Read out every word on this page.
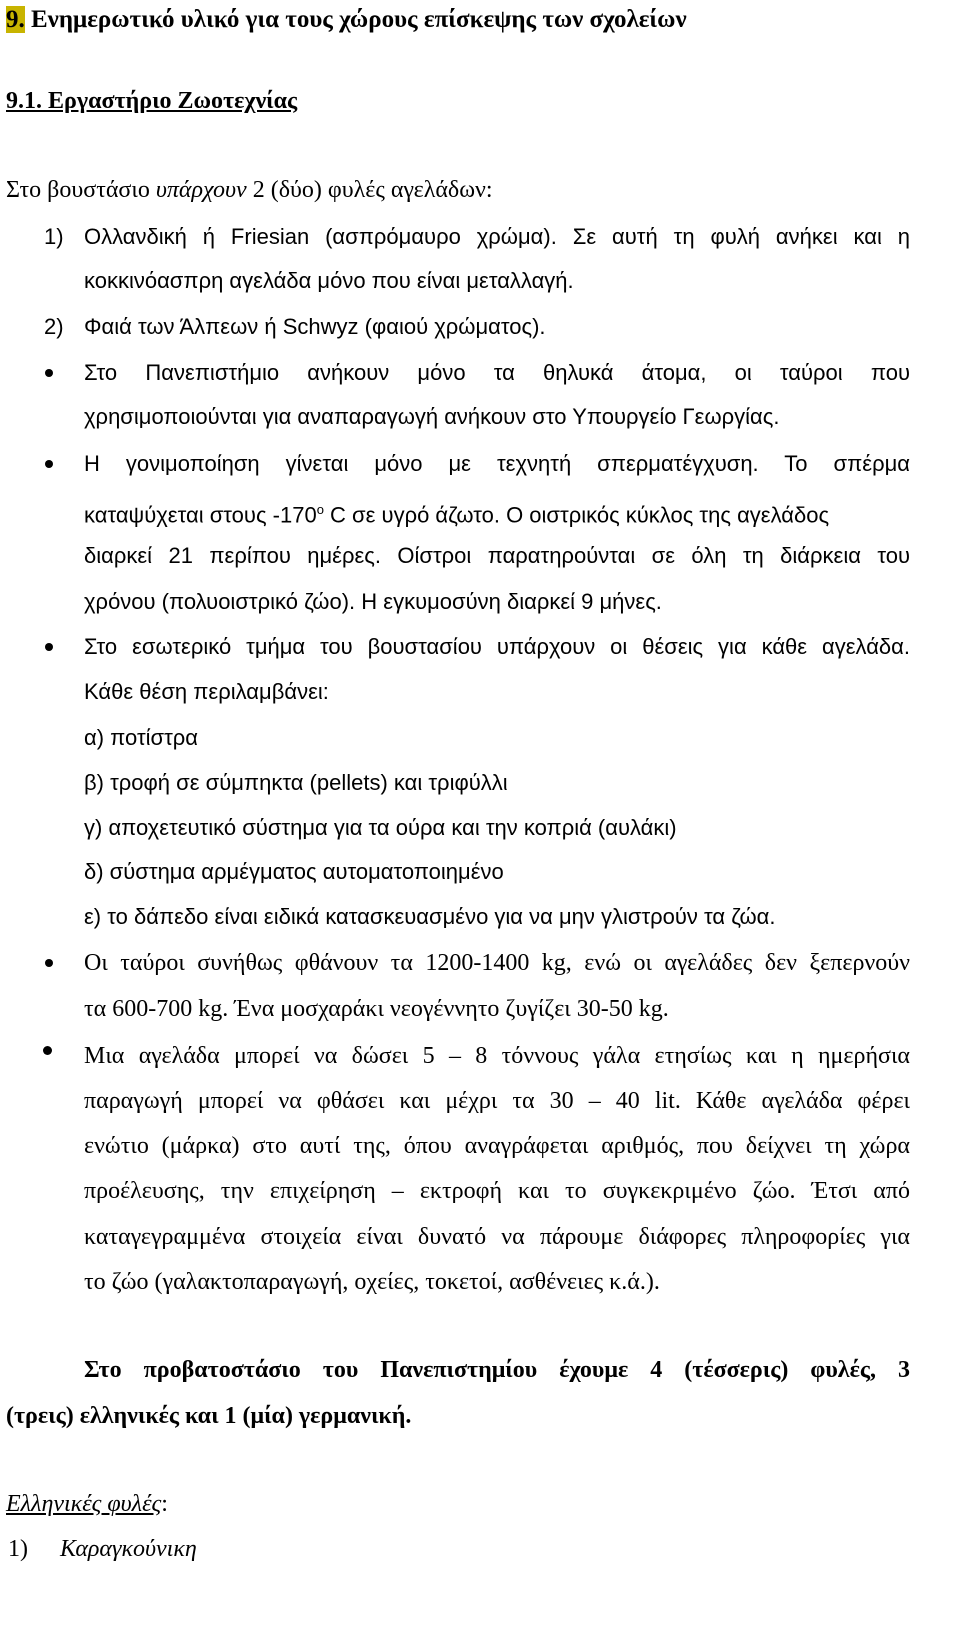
9. Ενημερωτικό υλικό για τους χώρους επίσκεψης των σχολείων
9.1. Εργαστήριο Ζωοτεχνίας
Στο βουστάσιο υπάρχουν 2 (δύο) φυλές αγελάδων:
1) Ολλανδική ή Friesian (ασπρόμαυρο χρώμα). Σε αυτή τη φυλή ανήκει και η
κοκκινόασπρη αγελάδα μόνο που είναι μεταλλαγή.
2) Φαιά των Άλπεων ή Schwyz (φαιού χρώματος).
Στο Πανεπιστήμιο ανήκουν μόνο τα θηλυκά άτομα, οι ταύροι που
χρησιμοποιούνται για αναπαραγωγή ανήκουν στο Υπουργείο Γεωργίας.
Η γονιμοποίηση γίνεται μόνο με τεχνητή σπερματέγχυση. Το σπέρμα
καταψύχεται στους -170$^o$ C σε υγρό άζωτο. Ο οιστρικός κύκλος της αγελάδος
διαρκεί 21 περίπου ημέρες. Οίστροι παρατηρούνται σε όλη τη διάρκεια του
χρόνου (πολυοιστρικό ζώο). Η εγκυμοσύνη διαρκεί 9 μήνες.
Στο εσωτερικό τμήμα του βουστασίου υπάρχουν οι θέσεις για κάθε αγελάδα.
Κάθε θέση περιλαμβάνει:
α) ποτίστρα
β) τροφή σε σύμπηκτα (pellets) και τριφύλλι
γ) αποχετευτικό σύστημα για τα ούρα και την κοπριά (αυλάκι)
δ) σύστημα αρμέγματος αυτοματοποιημένο
ε) το δάπεδο είναι ειδικά κατασκευασμένο για να μην γλιστρούν τα ζώα.
Οι ταύροι συνήθως φθάνουν τα 1200-1400 kg, ενώ οι αγελάδες δεν ξεπερνούν
τα 600-700 kg. Ένα μοσχαράκι νεογέννητο ζυγίζει 30-50 kg.
Μια αγελάδα μπορεί να δώσει 5 – 8 τόννους γάλα ετησίως και η ημερήσια
παραγωγή μπορεί να φθάσει και μέχρι τα 30 – 40 lit. Κάθε αγελάδα φέρει
ενώτιο (μάρκα) στο αυτί της, όπου αναγράφεται αριθμός, που δείχνει τη χώρα
προέλευσης, την επιχείρηση – εκτροφή και το συγκεκριμένο ζώο. Έτσι από
καταγεγραμμένα στοιχεία είναι δυνατό να πάρουμε διάφορες πληροφορίες για
το ζώο (γαλακτοπαραγωγή, οχείες, τοκετοί, ασθένειες κ.ά.).
Στο προβατοστάσιο του Πανεπιστημίου έχουμε 4 (τέσσερις) φυλές, 3
(τρεις) ελληνικές και 1 (μία) γερμανική.
Ελληνικές φυλές:
1) Καραγκούνικη
